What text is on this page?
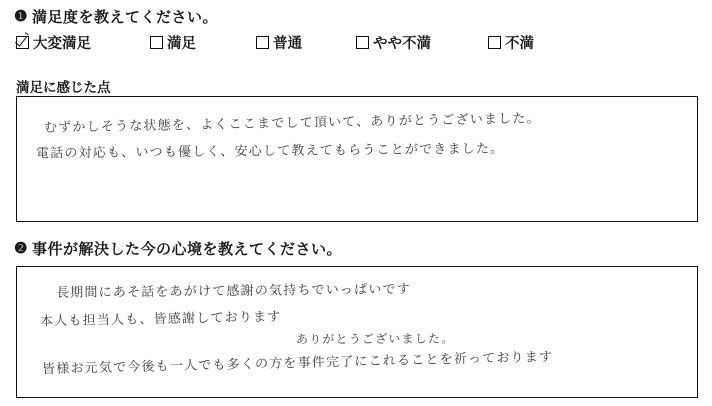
❶ 満足度を教えてください。
大変満足	満足	普通	やや不満	不満
満足に感じた点
むずかしそうな状態を、よくここまでして頂いて、ありがとうございました。
電話の対応も、いつも優しく、安心して教えてもらうことができました。
❷ 事件が解決した今の心境を教えてください。
長期間にあそ話をあがけて感謝の気持ちでいっぱいです
本人も担当人も、皆感謝しております
ありがとうございました。
皆様お元気で今後も一人でも多くの方を事件完了にこれることを祈っております
